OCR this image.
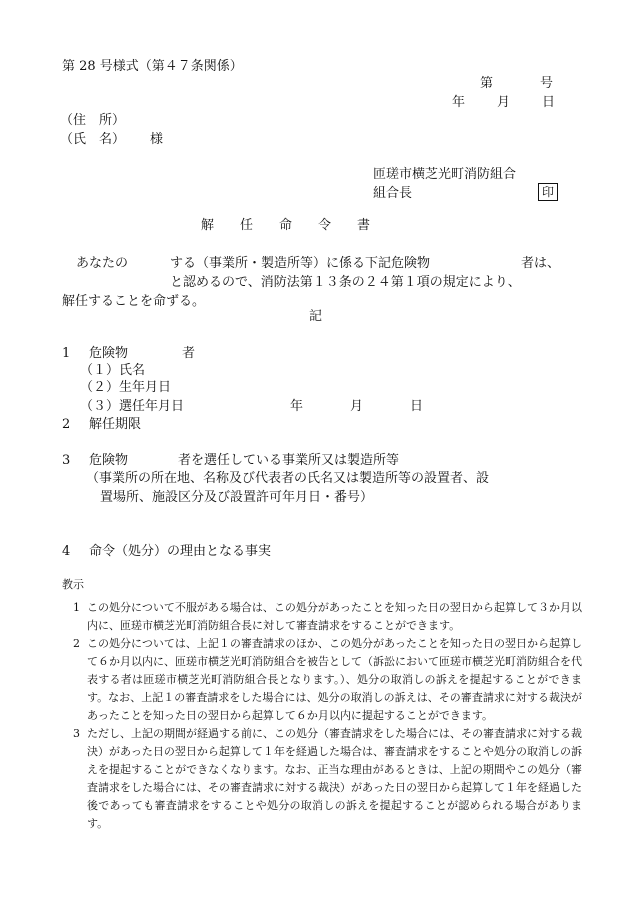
第 28 号様式（第４７条関係）
第	号
年 月 日
（住　所）
（氏　名） 様
匝瑳市横芝光町消防組合
組合長	印
解　　任　　命　　令　　書
あなたの	する（事業所・製造所等）に係る下記危険物	者は、
と認めるので、消防法第１３条の２４第１項の規定により、
解任することを命ずる。
記
1 危険物	者
（１）氏名
（２）生年月日
（３）選任年月日	年	月	日
2 解任期限
3 危険物	者を選任している事業所又は製造所等
（事業所の所在地、名称及び代表者の氏名又は製造所等の設置者、設
置場所、施設区分及び設置許可年月日・番号）
4 命令（処分）の理由となる事実
教示
1 この処分について不服がある場合は、この処分があったことを知った日の翌日から起算して３か月以内に、匝瑳市横芝光町消防組合長に対して審査請求をすることができます。
2 この処分については、上記１の審査請求のほか、この処分があったことを知った日の翌日から起算して６か月以内に、匝瑳市横芝光町消防組合を被告として（訴訟において匝瑳市横芝光町消防組合を代表する者は匝瑳市横芝光町消防組合長となります。）、処分の取消しの訴えを提起することができます。なお、上記１の審査請求をした場合には、処分の取消しの訴えは、その審査請求に対する裁決があったことを知った日の翌日から起算して６か月以内に提起することができます。
3 ただし、上記の期間が経過する前に、この処分（審査請求をした場合には、その審査請求に対する裁決）があった日の翌日から起算して１年を経過した場合は、審査請求をすることや処分の取消しの訴えを提起することができなくなります。なお、正当な理由があるときは、上記の期間やこの処分（審査請求をした場合には、その審査請求に対する裁決）があった日の翌日から起算して１年を経過した後であっても審査請求をすることや処分の取消しの訴えを提起することが認められる場合があります。
